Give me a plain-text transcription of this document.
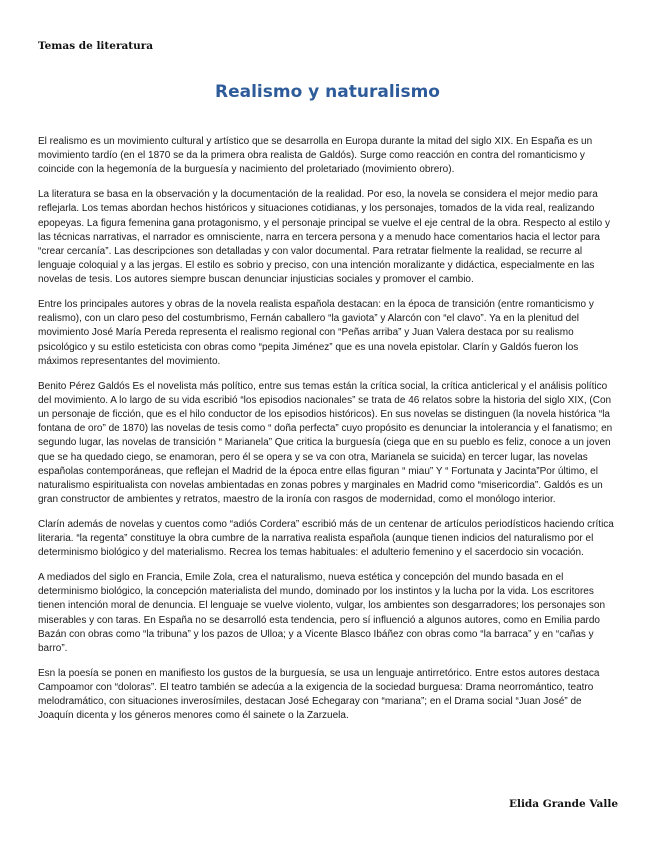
Temas de literatura
Realismo y naturalismo

El realismo es un movimiento cultural y artístico que se desarrolla en Europa durante la mitad del siglo XIX. En España es un movimiento tardío (en el 1870 se da la primera obra realista de Galdós). Surge como reacción en contra del romanticismo y coincide con la hegemonía de la burguesía y nacimiento del proletariado (movimiento obrero).

La literatura se basa en la observación y la documentación de la realidad. Por eso, la novela se considera el mejor medio para reflejarla. Los temas abordan hechos históricos y situaciones cotidianas, y los personajes, tomados de la vida real, realizando epopeyas. La figura femenina gana protagonismo, y el personaje principal se vuelve el eje central de la obra. Respecto al estilo y las técnicas narrativas, el narrador es omnisciente, narra en tercera persona y a menudo hace comentarios hacia el lector para “crear cercanía”. Las descripciones son detalladas y con valor documental. Para retratar fielmente la realidad, se recurre al lenguaje coloquial y a las jergas. El estilo es sobrio y preciso, con una intención moralizante y didáctica, especialmente en las novelas de tesis. Los autores siempre buscan denunciar injusticias sociales y promover el cambio.

Entre los principales autores y obras de la novela realista española destacan: en la época de transición (entre romanticismo y realismo), con un claro peso del costumbrismo, Fernán caballero “la gaviota” y Alarcón con “el clavo”. Ya en la plenitud del movimiento José María Pereda representa el realismo regional con “Peñas arriba” y Juan Valera destaca por su realismo psicológico y su estilo esteticista con obras como “pepita Jiménez” que es una novela epistolar. Clarín y Galdós fueron los máximos representantes del movimiento.

Benito Pérez Galdós Es el novelista más político, entre sus temas están la crítica social, la crítica anticlerical y el análisis político del movimiento. A lo largo de su vida escribió “los episodios nacionales” se trata de 46 relatos sobre la historia del siglo XIX, (Con un personaje de ficción, que es el hilo conductor de los episodios históricos). En sus novelas se distinguen (la novela histórica “la fontana de oro” de 1870) las novelas de tesis como “ doña perfecta” cuyo propósito es denunciar la intolerancia y el fanatismo; en segundo lugar, las novelas de transición “ Marianela” Que critica la burguesía (ciega que en su pueblo es feliz, conoce a un joven que se ha quedado ciego, se enamoran, pero él se opera y se va con otra, Marianela se suicida) en tercer lugar, las novelas españolas contemporáneas, que reflejan el Madrid de la época entre ellas figuran “ miau” Y “ Fortunata y Jacinta”Por último, el naturalismo espiritualista con novelas ambientadas en zonas pobres y marginales en Madrid como “misericordia”. Galdós es un gran constructor de ambientes y retratos, maestro de la ironía con rasgos de modernidad, como el monólogo interior.

Clarín además de novelas y cuentos como “adiós Cordera” escribió más de un centenar de artículos periodísticos haciendo crítica literaria. “la regenta” constituye la obra cumbre de la narrativa realista española (aunque tienen indicios del naturalismo por el determinismo biológico y del materialismo. Recrea los temas habituales: el adulterio femenino y el sacerdocio sin vocación.

A mediados del siglo en Francia, Emile Zola, crea el naturalismo, nueva estética y concepción del mundo basada en el determinismo biológico, la concepción materialista del mundo, dominado por los instintos y la lucha por la vida. Los escritores tienen intención moral de denuncia. El lenguaje se vuelve violento, vulgar, los ambientes son desgarradores; los personajes son miserables y con taras. En España no se desarrolló esta tendencia, pero sí influenció a algunos autores, como en Emilia pardo Bazán con obras como “la tribuna” y los pazos de Ulloa; y a Vicente Blasco Ibáñez con obras como “la barraca” y en “cañas y barro”.

Esn la poesía se ponen en manifiesto los gustos de la burguesía, se usa un lenguaje antirretórico. Entre estos autores destaca Campoamor con “doloras”. El teatro también se adecúa a la exigencia de la sociedad burguesa: Drama neorromántico, teatro melodramático, con situaciones inverosímiles, destacan José Echegaray con “mariana”; en el Drama social “Juan José” de Joaquín dicenta y los géneros menores como él sainete o la Zarzuela.

Elida Grande Valle
